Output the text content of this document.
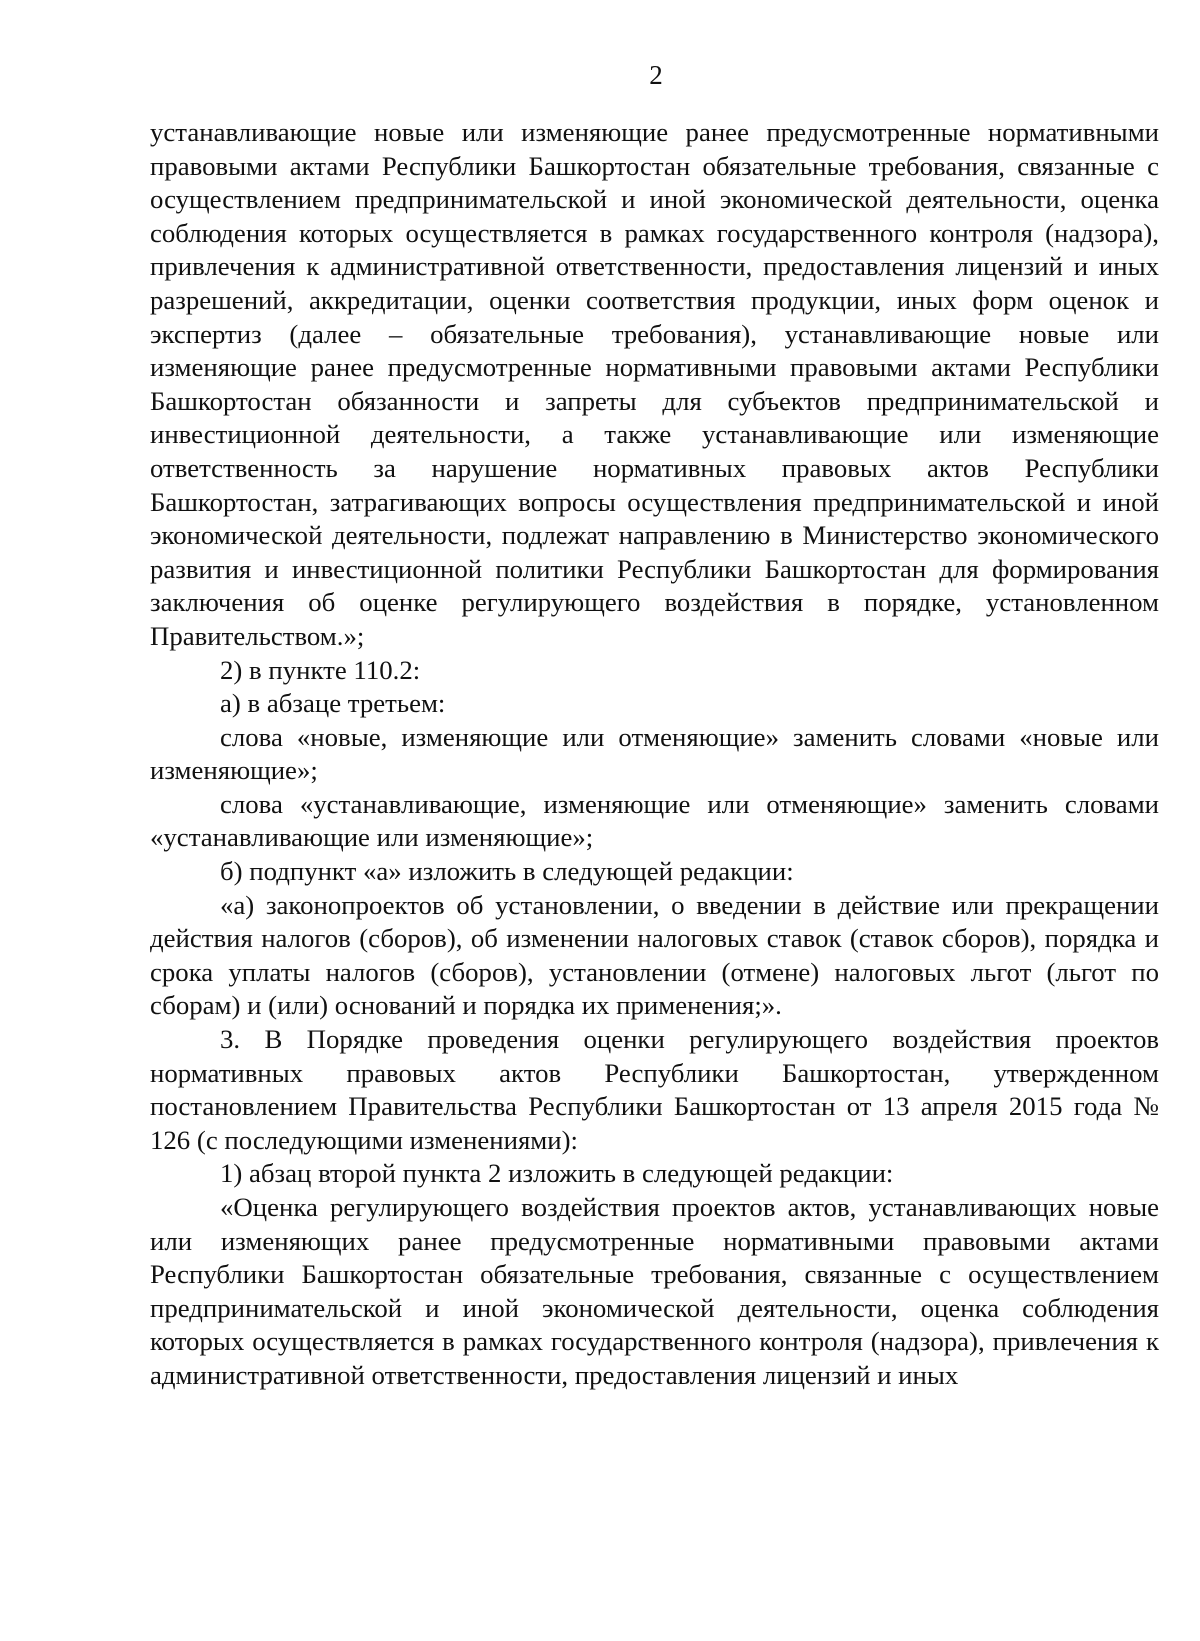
2

устанавливающие новые или изменяющие ранее предусмотренные нормативными правовыми актами Республики Башкортостан обязательные требования, связанные с осуществлением предпринимательской и иной экономической деятельности, оценка соблюдения которых осуществляется в рамках государственного контроля (надзора), привлечения к административной ответственности, предоставления лицензий и иных разрешений, аккредитации, оценки соответствия продукции, иных форм оценок и экспертиз (далее – обязательные требования), устанавливающие новые или изменяющие ранее предусмотренные нормативными правовыми актами Республики Башкортостан обязанности и запреты для субъектов предпринимательской и инвестиционной деятельности, а также устанавливающие или изменяющие ответственность за нарушение нормативных правовых актов Республики Башкортостан, затрагивающих вопросы осуществления предпринимательской и иной экономической деятельности, подлежат направлению в Министерство экономического развития и инвестиционной политики Республики Башкортостан для формирования заключения об оценке регулирующего воздействия в порядке, установленном Правительством.»;

2) в пункте 110.2:

а) в абзаце третьем:

слова «новые, изменяющие или отменяющие» заменить словами «новые или изменяющие»;

слова «устанавливающие, изменяющие или отменяющие» заменить словами «устанавливающие или изменяющие»;

б) подпункт «а» изложить в следующей редакции:

«а) законопроектов об установлении, о введении в действие или прекращении действия налогов (сборов), об изменении налоговых ставок (ставок сборов), порядка и срока уплаты налогов (сборов), установлении (отмене) налоговых льгот (льгот по сборам) и (или) оснований и порядка их применения;».

3. В Порядке проведения оценки регулирующего воздействия проектов нормативных правовых актов Республики Башкортостан, утвержденном постановлением Правительства Республики Башкортостан от 13 апреля 2015 года № 126 (с последующими изменениями):

1) абзац второй пункта 2 изложить в следующей редакции:

«Оценка регулирующего воздействия проектов актов, устанавливающих новые или изменяющих ранее предусмотренные нормативными правовыми актами Республики Башкортостан обязательные требования, связанные с осуществлением предпринимательской и иной экономической деятельности, оценка соблюдения которых осуществляется в рамках государственного контроля (надзора), привлечения к административной ответственности, предоставления лицензий и иных
